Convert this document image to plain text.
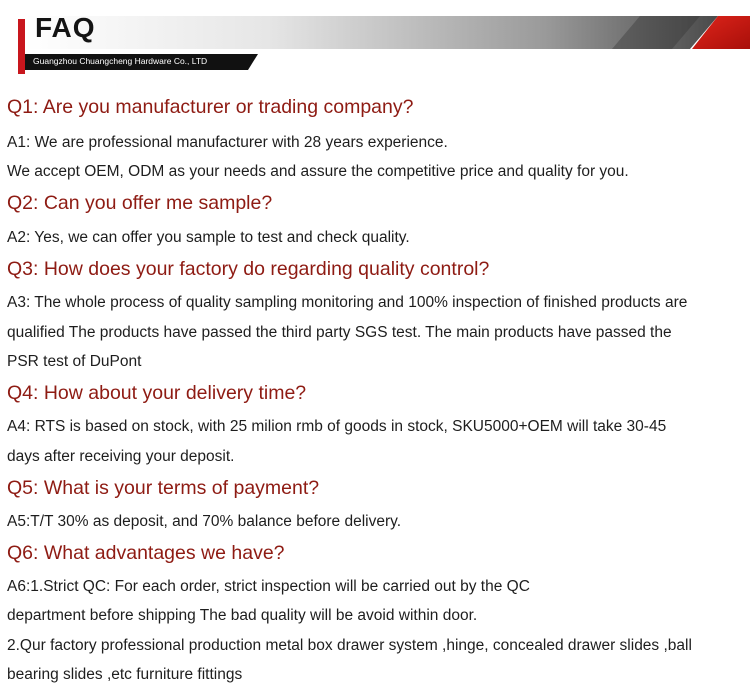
FAQ
Guangzhou Chuangcheng Hardware Co., LTD
Q1: Are you manufacturer or trading company?
A1: We are professional manufacturer with 28 years experience.
We accept OEM, ODM as your needs and assure the competitive price and quality for you.
Q2: Can you offer me sample?
A2: Yes, we can offer you sample to test and check quality.
Q3: How does your factory do regarding quality control?
A3: The whole process of quality sampling monitoring and 100% inspection of finished products are
qualified The products have passed the third party SGS test. The main products have passed the
PSR test of DuPont
Q4: How about your delivery time?
A4: RTS is based on stock, with 25 milion rmb of goods in stock, SKU5000+OEM will take 30-45
days after receiving your deposit.
Q5: What is your terms of payment?
A5:T/T 30% as deposit, and 70% balance before delivery.
Q6: What advantages we have?
A6:1.Strict QC: For each order, strict inspection will be carried out by the QC
department before shipping The bad quality will be avoid within door.
2.Qur factory professional production metal box drawer system ,hinge, concealed drawer slides ,ball
bearing slides ,etc furniture fittings
